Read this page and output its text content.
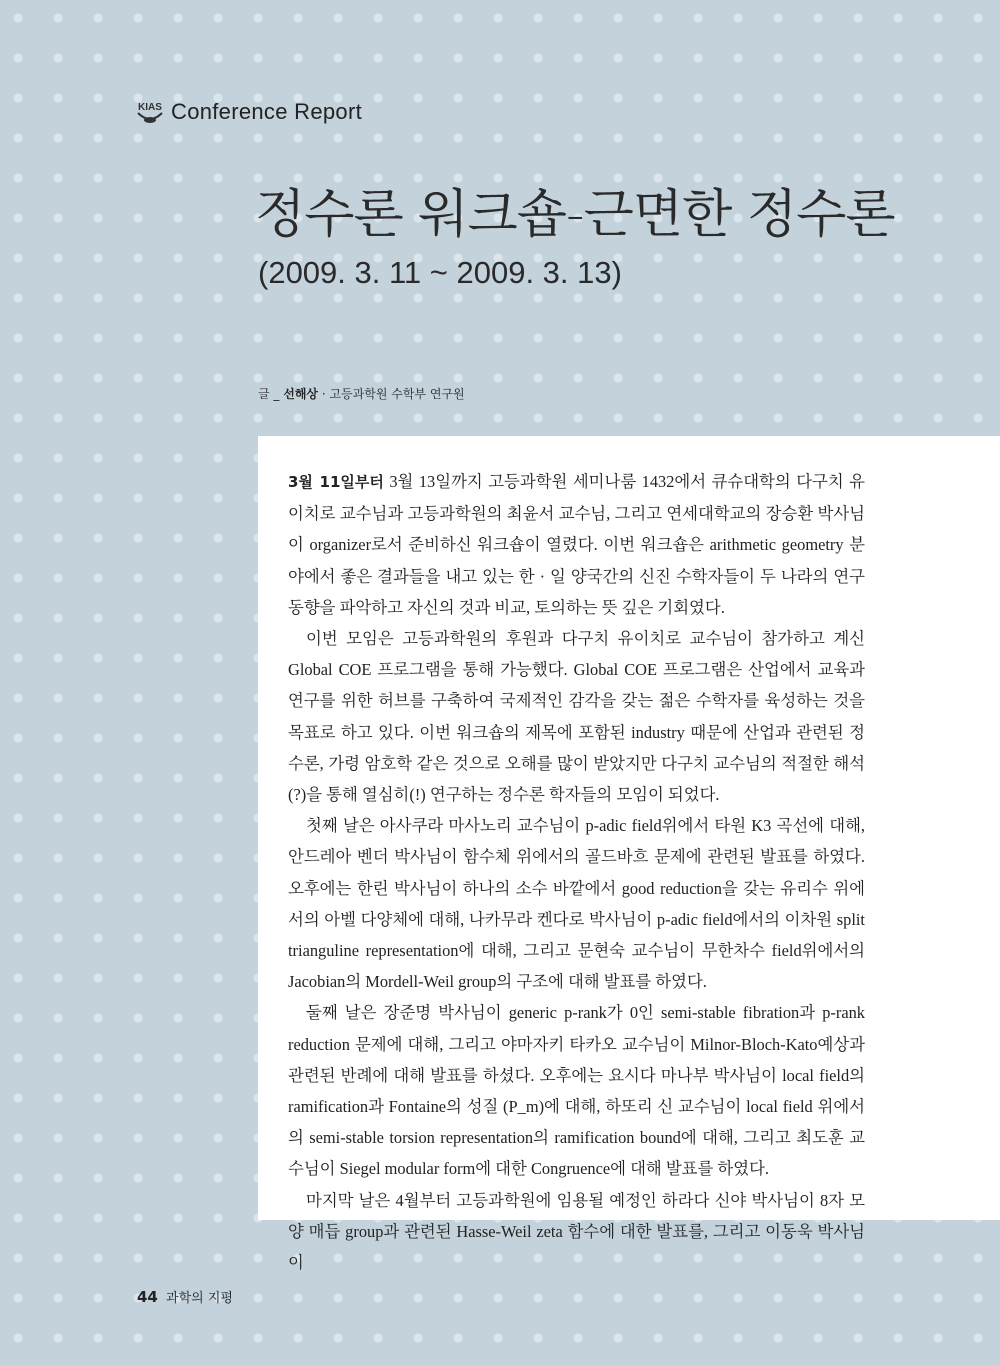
KIAS Conference Report
정수론 워크숍-근면한 정수론
(2009. 3. 11 ~ 2009. 3. 13)
글 _ 선해상 · 고등과학원 수학부 연구원

3월 11일부터 3월 13일까지 고등과학원 세미나룸 1432에서 큐슈대학의 다구치 유이치로 교수님과 고등과학원의 최윤서 교수님, 그리고 연세대학교의 장승환 박사님이 organizer로서 준비하신 워크숍이 열렸다. 이번 워크숍은 arithmetic geometry 분야에서 좋은 결과들을 내고 있는 한 · 일 양국간의 신진 수학자들이 두 나라의 연구 동향을 파악하고 자신의 것과 비교, 토의하는 뜻 깊은 기회였다.

이번 모임은 고등과학원의 후원과 다구치 유이치로 교수님이 참가하고 계신 Global COE 프로그램을 통해 가능했다. Global COE 프로그램은 산업에서 교육과 연구를 위한 허브를 구축하여 국제적인 감각을 갖는 젊은 수학자를 육성하는 것을 목표로 하고 있다. 이번 워크숍의 제목에 포함된 industry 때문에 산업과 관련된 정수론, 가령 암호학 같은 것으로 오해를 많이 받았지만 다구치 교수님의 적절한 해석(?)을 통해 열심히(!) 연구하는 정수론 학자들의 모임이 되었다.

첫째 날은 아사쿠라 마사노리 교수님이 p-adic field위에서 타원 K3 곡선에 대해, 안드레아 벤더 박사님이 함수체 위에서의 골드바흐 문제에 관련된 발표를 하였다. 오후에는 한린 박사님이 하나의 소수 바깥에서 good reduction을 갖는 유리수 위에서의 아벨 다양체에 대해, 나카무라 켄다로 박사님이 p-adic field에서의 이차원 split trianguline representation에 대해, 그리고 문현숙 교수님이 무한차수 field위에서의 Jacobian의 Mordell-Weil group의 구조에 대해 발표를 하였다.

둘째 날은 장준명 박사님이 generic p-rank가 0인 semi-stable fibration과 p-rank reduction 문제에 대해, 그리고 야마자키 타카오 교수님이 Milnor-Bloch-Kato예상과 관련된 반례에 대해 발표를 하셨다. 오후에는 요시다 마나부 박사님이 local field의 ramification과 Fontaine의 성질 (P_m)에 대해, 하또리 신 교수님이 local field 위에서의 semi-stable torsion representation의 ramification bound에 대해, 그리고 최도훈 교수님이 Siegel modular form에 대한 Congruence에 대해 발표를 하였다.

마지막 날은 4월부터 고등과학원에 임용될 예정인 하라다 신야 박사님이 8자 모양 매듭 group과 관련된 Hasse-Weil zeta 함수에 대한 발표를, 그리고 이동욱 박사님이

44 과학의 지평
